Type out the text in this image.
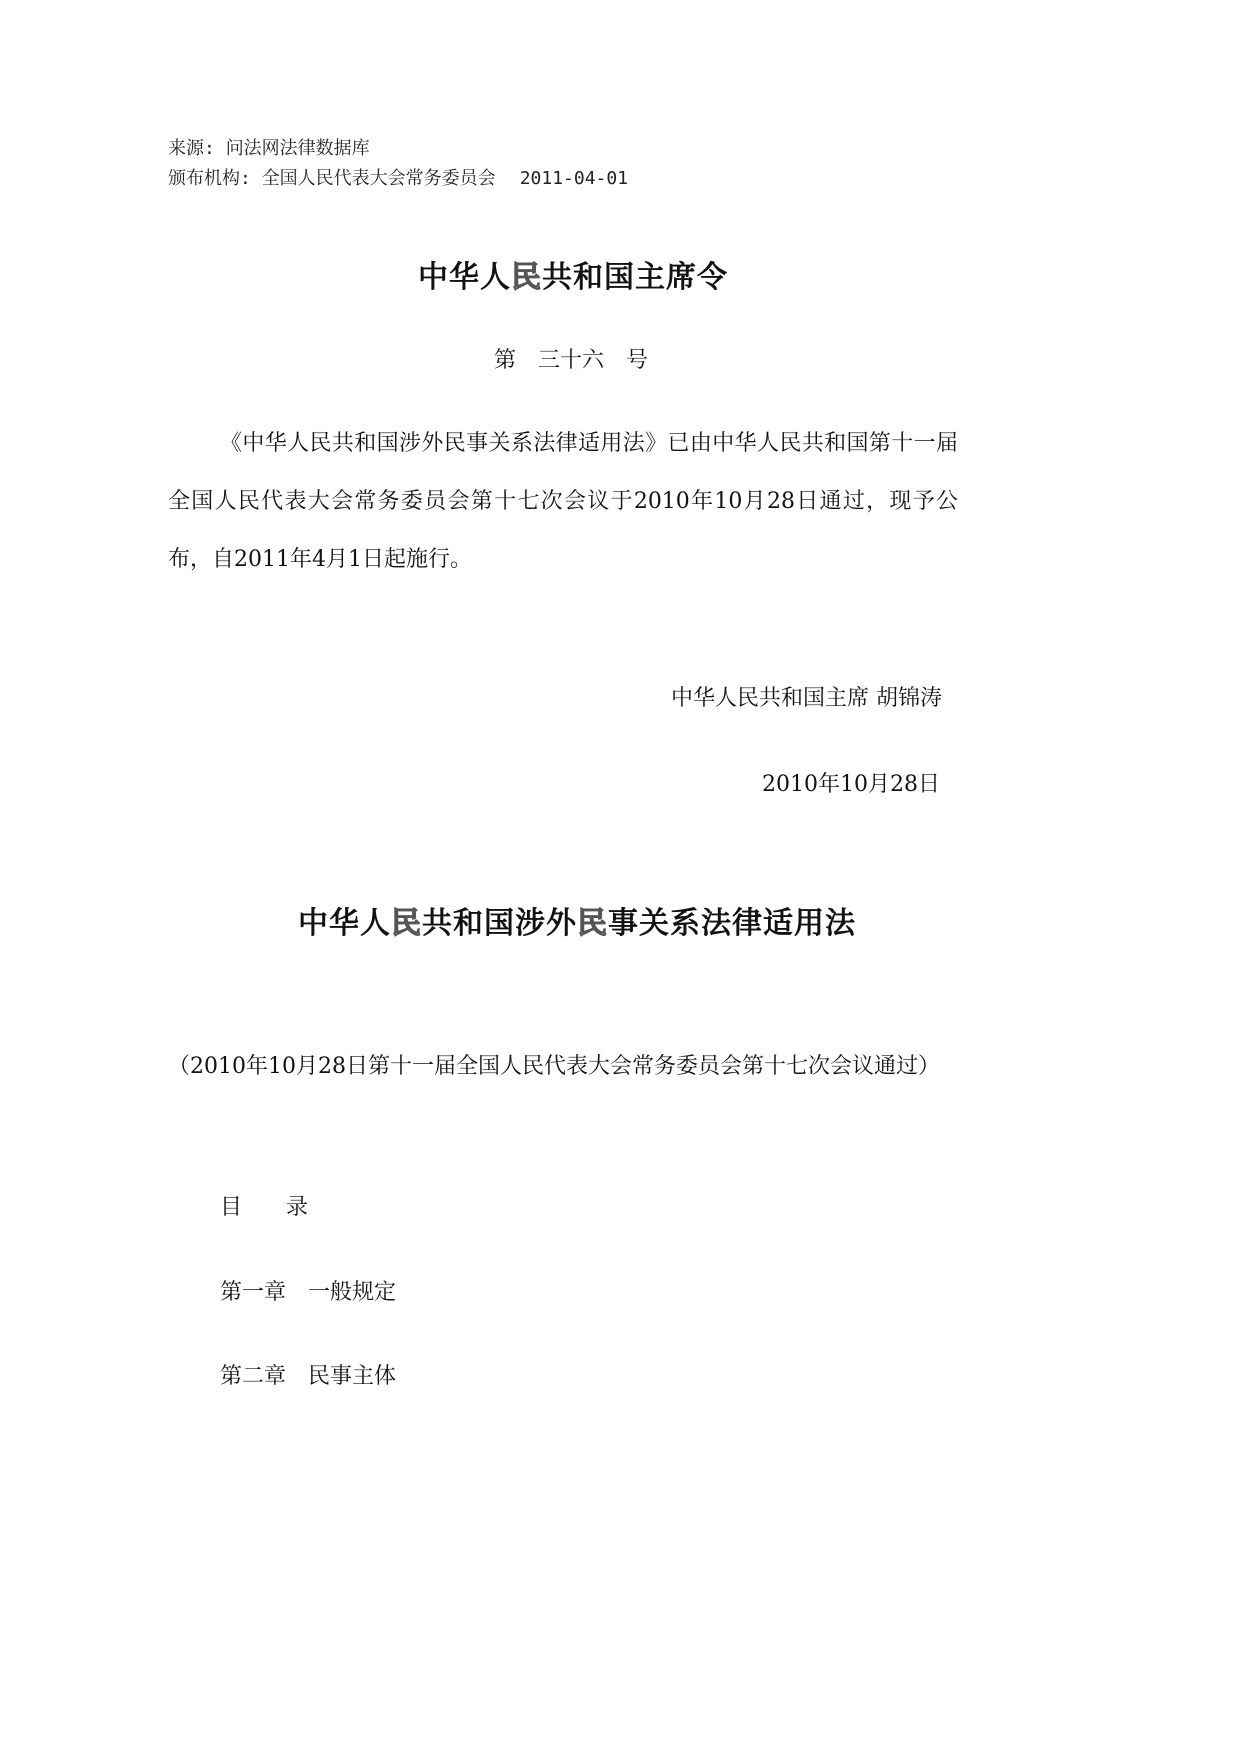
来源: 问法网法律数据库
颁布机构: 全国人民代表大会常务委员会 2011-04-01
中华人民共和国主席令
第　三十六　号
《中华人民共和国涉外民事关系法律适用法》已由中华人民共和国第十一届全国人民代表大会常务委员会第十七次会议于2010年10月28日通过，现予公布，自2011年4月1日起施行。
中华人民共和国主席 胡锦涛
2010年10月28日
中华人民共和国涉外民事关系法律适用法
（2010年10月28日第十一届全国人民代表大会常务委员会第十七次会议通过）
目　　录
第一章　一般规定
第二章　民事主体
